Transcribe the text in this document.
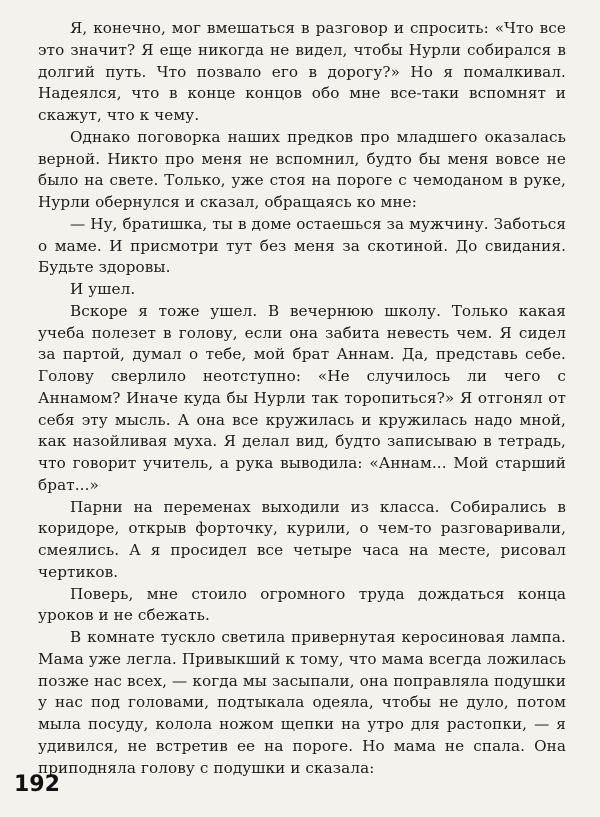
Я, конечно, мог вмешаться в разговор и спросить: «Что все это значит? Я еще никогда не видел, чтобы Нурли собирался в долгий путь. Что позвало его в дорогу?» Но я помалкивал. Надеялся, что в конце концов обо мне все-таки вспомнят и скажут, что к чему.

Однако поговорка наших предков про младшего оказалась верной. Никто про меня не вспомнил, будто бы меня вовсе не было на свете. Только, уже стоя на пороге с чемоданом в руке, Нурли обернулся и сказал, обращаясь ко мне:

— Ну, братишка, ты в доме остаешься за мужчину. Заботься о маме. И присмотри тут без меня за скотиной. До свидания. Будьте здоровы.

И ушел.

Вскоре я тоже ушел. В вечернюю школу. Только какая учеба полезет в голову, если она забита невесть чем. Я сидел за партой, думал о тебе, мой брат Аннам. Да, представь себе. Голову сверлило неотступно: «Не случилось ли чего с Аннамом? Иначе куда бы Нурли так торопиться?» Я отгонял от себя эту мысль. А она все кружилась и кружилась надо мной, как назойливая муха. Я делал вид, будто записываю в тетрадь, что говорит учитель, а рука выводила: «Аннам... Мой старший брат...»

Парни на переменах выходили из класса. Собирались в коридоре, открыв форточку, курили, о чем-то разговаривали, смеялись. А я просидел все четыре часа на месте, рисовал чертиков.

Поверь, мне стоило огромного труда дождаться конца уроков и не сбежать.

В комнате тускло светила привернутая керосиновая лампа. Мама уже легла. Привыкший к тому, что мама всегда ложилась позже нас всех, — когда мы засыпали, она поправляла подушки у нас под головами, подтыкала одеяла, чтобы не дуло, потом мыла посуду, колола ножом щепки на утро для растопки, — я удивился, не встретив ее на пороге. Но мама не спала. Она приподняла голову с подушки и сказала:

192
